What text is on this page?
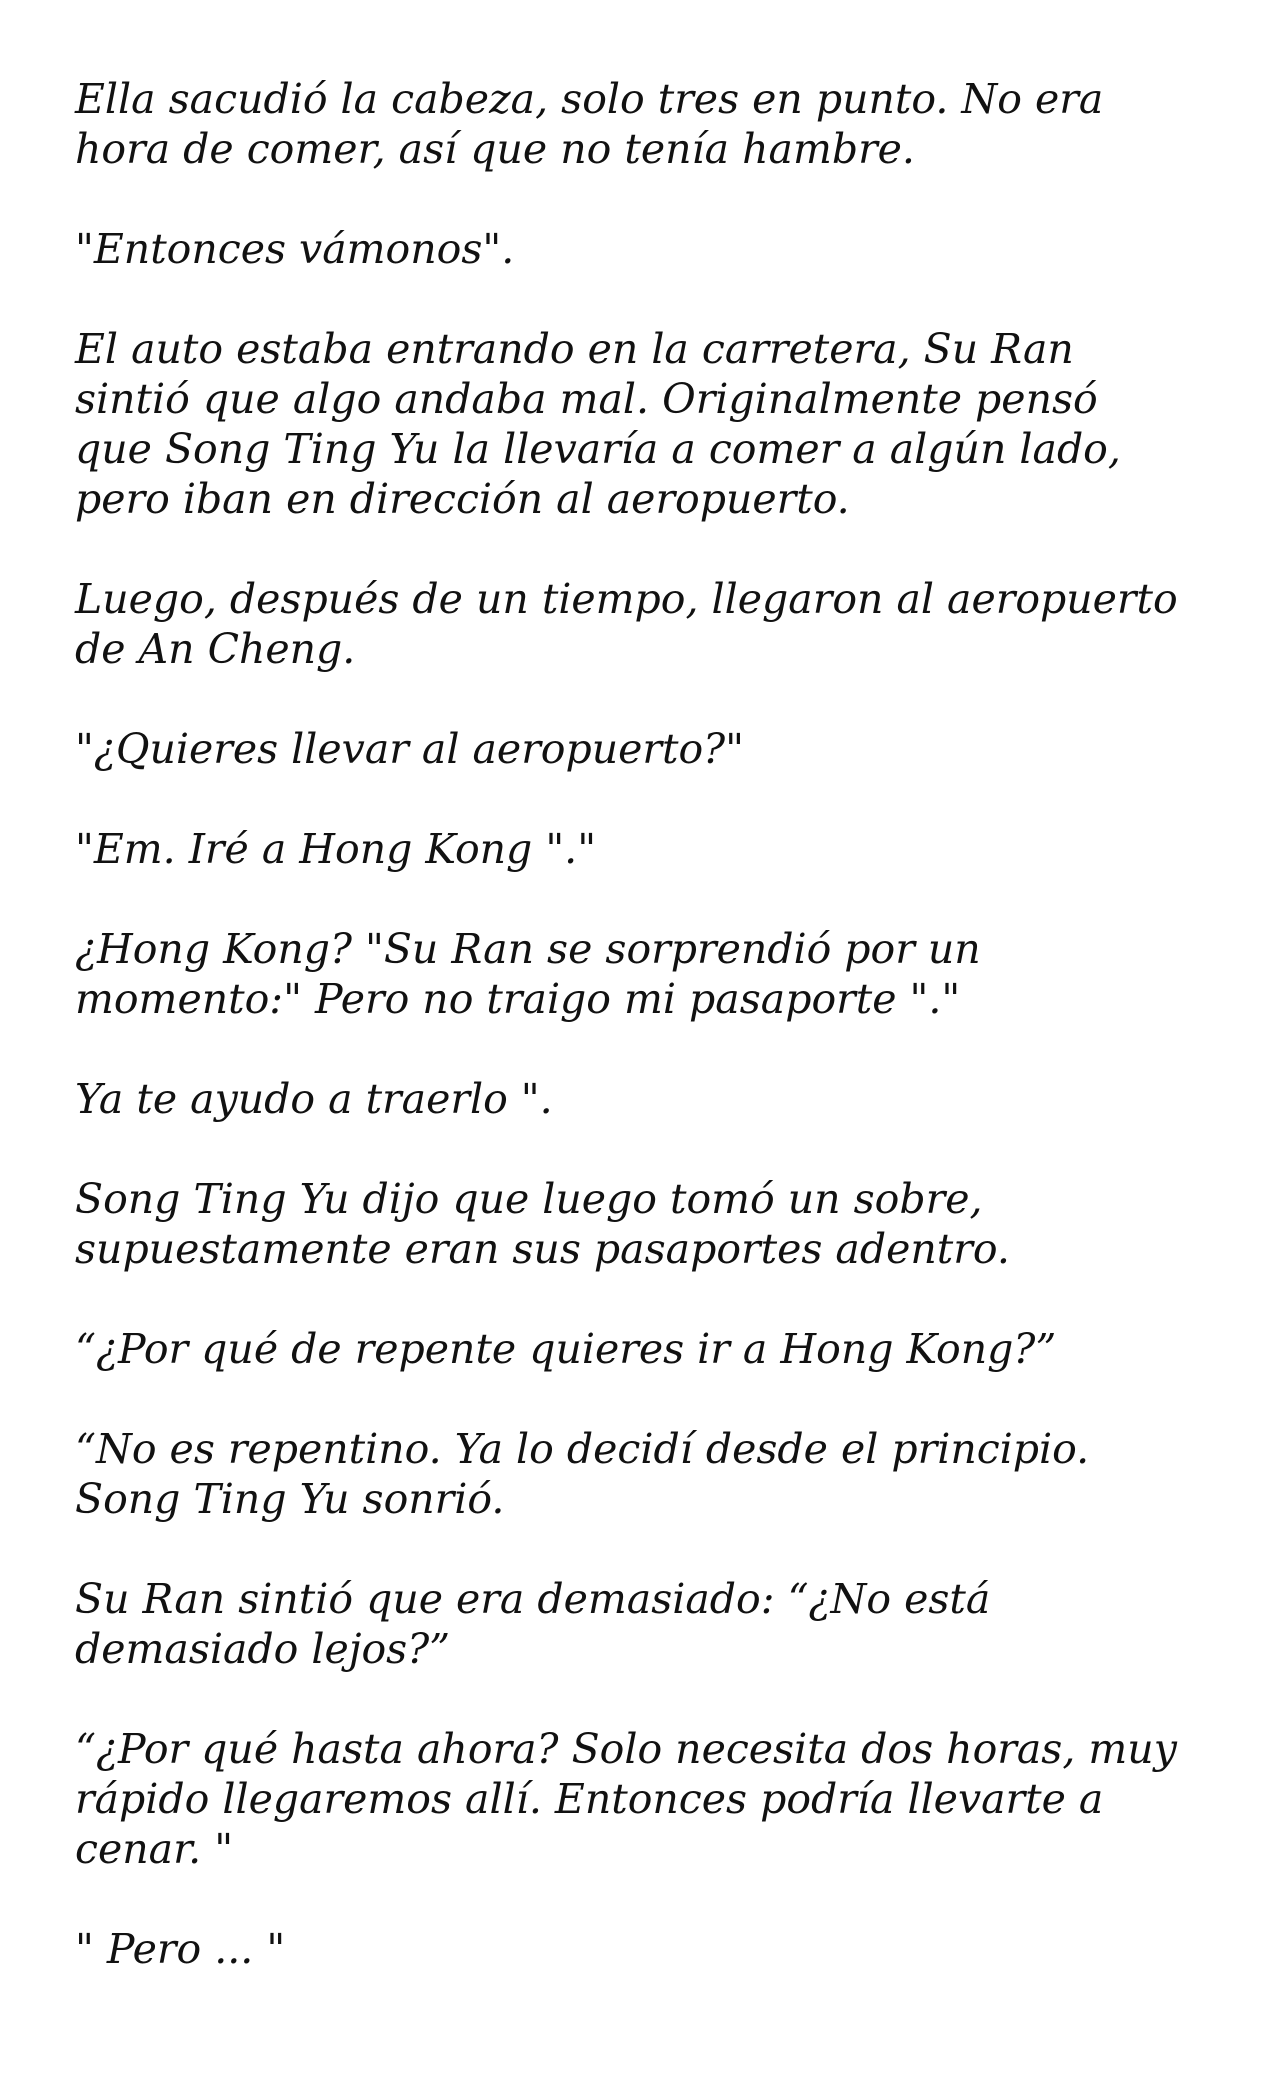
Ella sacudió la cabeza, solo tres en punto. No era
hora de comer, así que no tenía hambre.

"Entonces vámonos".

El auto estaba entrando en la carretera, Su Ran
sintió que algo andaba mal. Originalmente pensó
que Song Ting Yu la llevaría a comer a algún lado,
pero iban en dirección al aeropuerto.

Luego, después de un tiempo, llegaron al aeropuerto
de An Cheng.

"¿Quieres llevar al aeropuerto?"

"Em. Iré a Hong Kong "."

¿Hong Kong? "Su Ran se sorprendió por un
momento:" Pero no traigo mi pasaporte "."

Ya te ayudo a traerlo ".

Song Ting Yu dijo que luego tomó un sobre,
supuestamente eran sus pasaportes adentro.

“¿Por qué de repente quieres ir a Hong Kong?”

“No es repentino. Ya lo decidí desde el principio.
Song Ting Yu sonrió.

Su Ran sintió que era demasiado: “¿No está
demasiado lejos?”

“¿Por qué hasta ahora? Solo necesita dos horas, muy
rápido llegaremos allí. Entonces podría llevarte a
cenar. "

" Pero ... "
